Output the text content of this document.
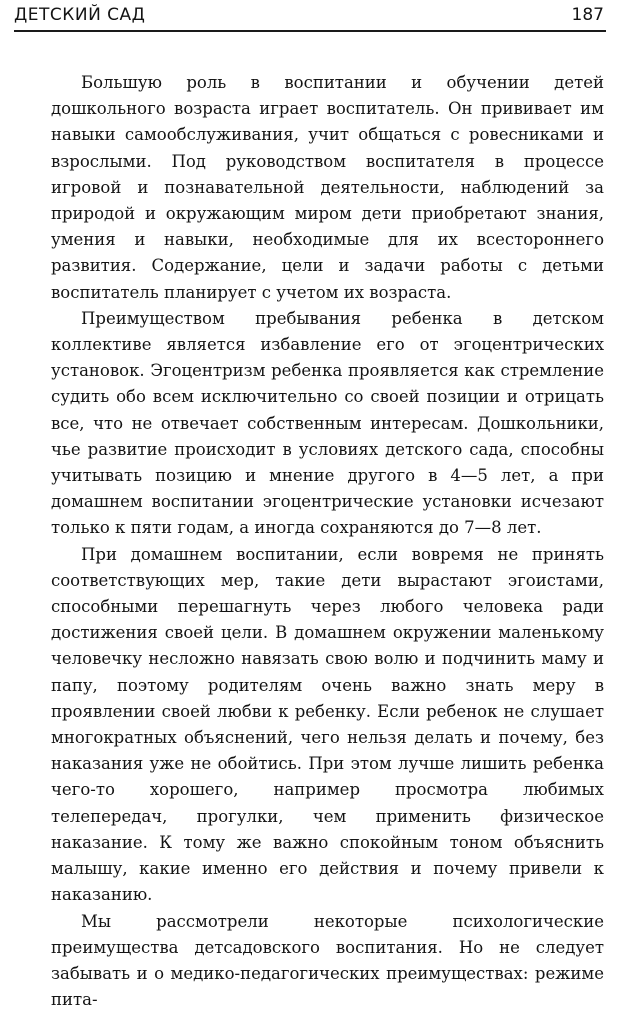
ДЕТСКИЙ САД	187

Большую роль в воспитании и обучении детей дошкольного возраста играет воспитатель. Он прививает им навыки самообслуживания, учит общаться с ровесниками и взрослыми. Под руководством воспитателя в процессе игровой и познавательной деятельности, наблюдений за природой и окружающим миром дети приобретают знания, умения и навыки, необходимые для их всестороннего развития. Содержание, цели и задачи работы с детьми воспитатель планирует с учетом их возраста.

Преимуществом пребывания ребенка в детском коллективе является избавление его от эгоцентрических установок. Эгоцентризм ребенка проявляется как стремление судить обо всем исключительно со своей позиции и отрицать все, что не отвечает собственным интересам. Дошкольники, чье развитие происходит в условиях детского сада, способны учитывать позицию и мнение другого в 4—5 лет, а при домашнем воспитании эгоцентрические установки исчезают только к пяти годам, а иногда сохраняются до 7—8 лет.

При домашнем воспитании, если вовремя не принять соответствующих мер, такие дети вырастают эгоистами, способными перешагнуть через любого человека ради достижения своей цели. В домашнем окружении маленькому человечку несложно навязать свою волю и подчинить маму и папу, поэтому родителям очень важно знать меру в проявлении своей любви к ребенку. Если ребенок не слушает многократных объяснений, чего нельзя делать и почему, без наказания уже не обойтись. При этом лучше лишить ребенка чего-то хорошего, например просмотра любимых телепередач, прогулки, чем применить физическое наказание. К тому же важно спокойным тоном объяснить малышу, какие именно его действия и почему привели к наказанию.

Мы рассмотрели некоторые психологические преимущества детсадовского воспитания. Но не следует забывать и о медико-педагогических преимуществах: режиме пита-
